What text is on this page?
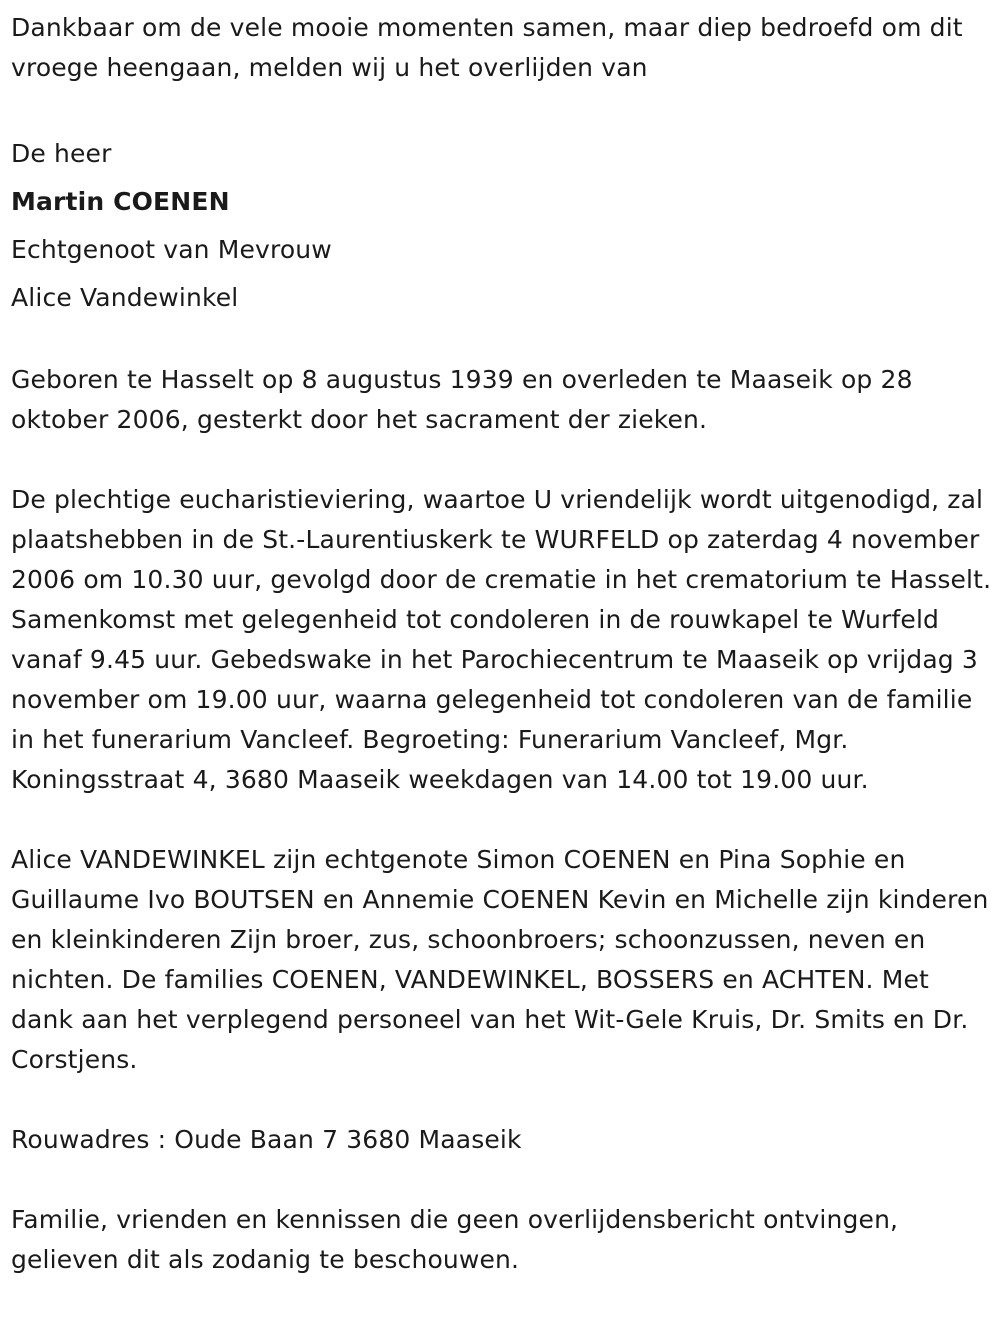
Dankbaar om de vele mooie momenten samen, maar diep bedroefd om dit vroege heengaan, melden wij u het overlijden van

De heer

Martin COENEN

Echtgenoot van Mevrouw

Alice Vandewinkel

Geboren te Hasselt op 8 augustus 1939 en overleden te Maaseik op 28 oktober 2006, gesterkt door het sacrament der zieken.

De plechtige eucharistieviering, waartoe U vriendelijk wordt uitgenodigd, zal plaatshebben in de St.-Laurentiuskerk te WURFELD op zaterdag 4 november 2006 om 10.30 uur, gevolgd door de crematie in het crematorium te Hasselt. Samenkomst met gelegenheid tot condoleren in de rouwkapel te Wurfeld vanaf 9.45 uur. Gebedswake in het Parochiecentrum te Maaseik op vrijdag 3 november om 19.00 uur, waarna gelegenheid tot condoleren van de familie in het funerarium Vancleef. Begroeting: Funerarium Vancleef, Mgr. Koningsstraat 4, 3680 Maaseik weekdagen van 14.00 tot 19.00 uur.

Alice VANDEWINKEL zijn echtgenote Simon COENEN en Pina Sophie en Guillaume Ivo BOUTSEN en Annemie COENEN Kevin en Michelle zijn kinderen en kleinkinderen Zijn broer, zus, schoonbroers; schoonzussen, neven en nichten. De families COENEN, VANDEWINKEL, BOSSERS en ACHTEN. Met dank aan het verplegend personeel van het Wit-Gele Kruis, Dr. Smits en Dr. Corstjens.

Rouwadres : Oude Baan 7 3680 Maaseik

Familie, vrienden en kennissen die geen overlijdensbericht ontvingen, gelieven dit als zodanig te beschouwen.
